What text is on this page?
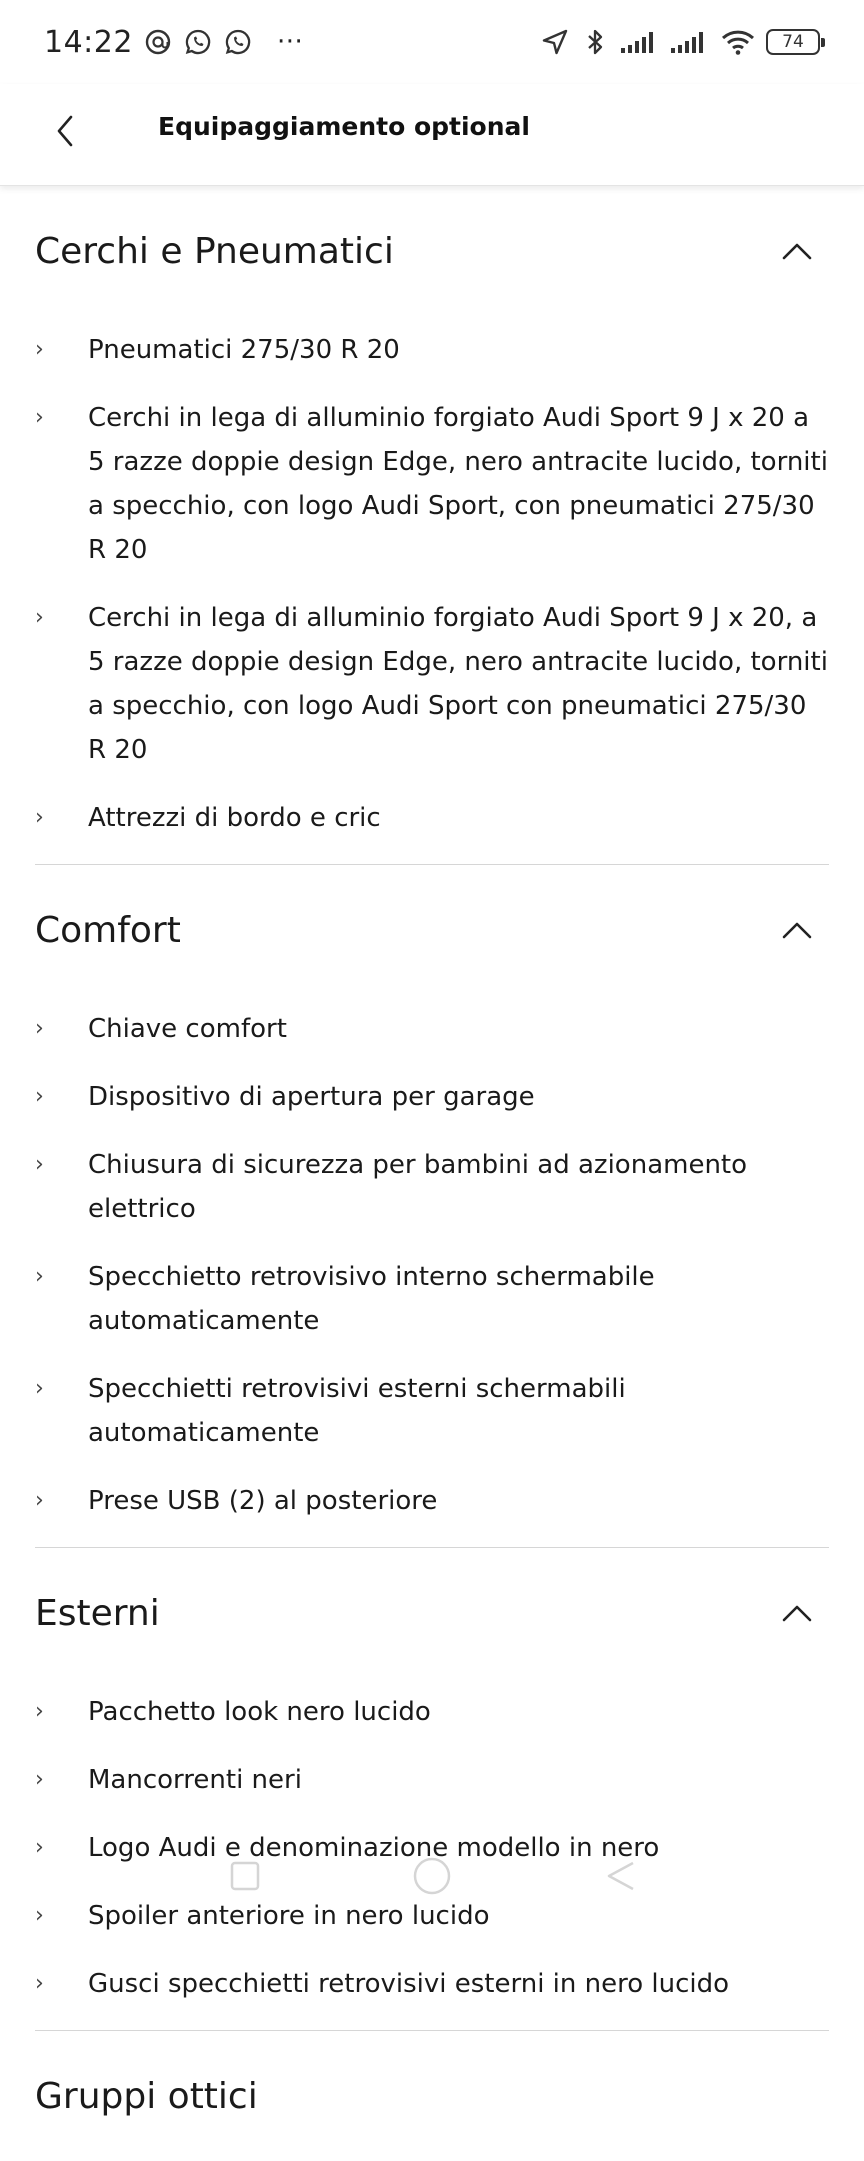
14:22	···	74
Equipaggiamento optional
Cerchi e Pneumatici
›	Pneumatici 275/30 R 20
›	Cerchi in lega di alluminio forgiato Audi Sport 9 J x 20 a 5 razze doppie design Edge, nero antracite lucido, torniti a specchio, con logo Audi Sport, con pneumatici 275/30 R 20
›	Cerchi in lega di alluminio forgiato Audi Sport 9 J x 20, a 5 razze doppie design Edge, nero antracite lucido, torniti a specchio, con logo Audi Sport con pneumatici 275/30 R 20
›	Attrezzi di bordo e cric
Comfort
›	Chiave comfort
›	Dispositivo di apertura per garage
›	Chiusura di sicurezza per bambini ad azionamento elettrico
›	Specchietto retrovisivo interno schermabile automaticamente
›	Specchietti retrovisivi esterni schermabili automaticamente
›	Prese USB (2) al posteriore
Esterni
›	Pacchetto look nero lucido
›	Mancorrenti neri
›	Logo Audi e denominazione modello in nero
›	Spoiler anteriore in nero lucido
›	Gusci specchietti retrovisivi esterni in nero lucido
Gruppi ottici
